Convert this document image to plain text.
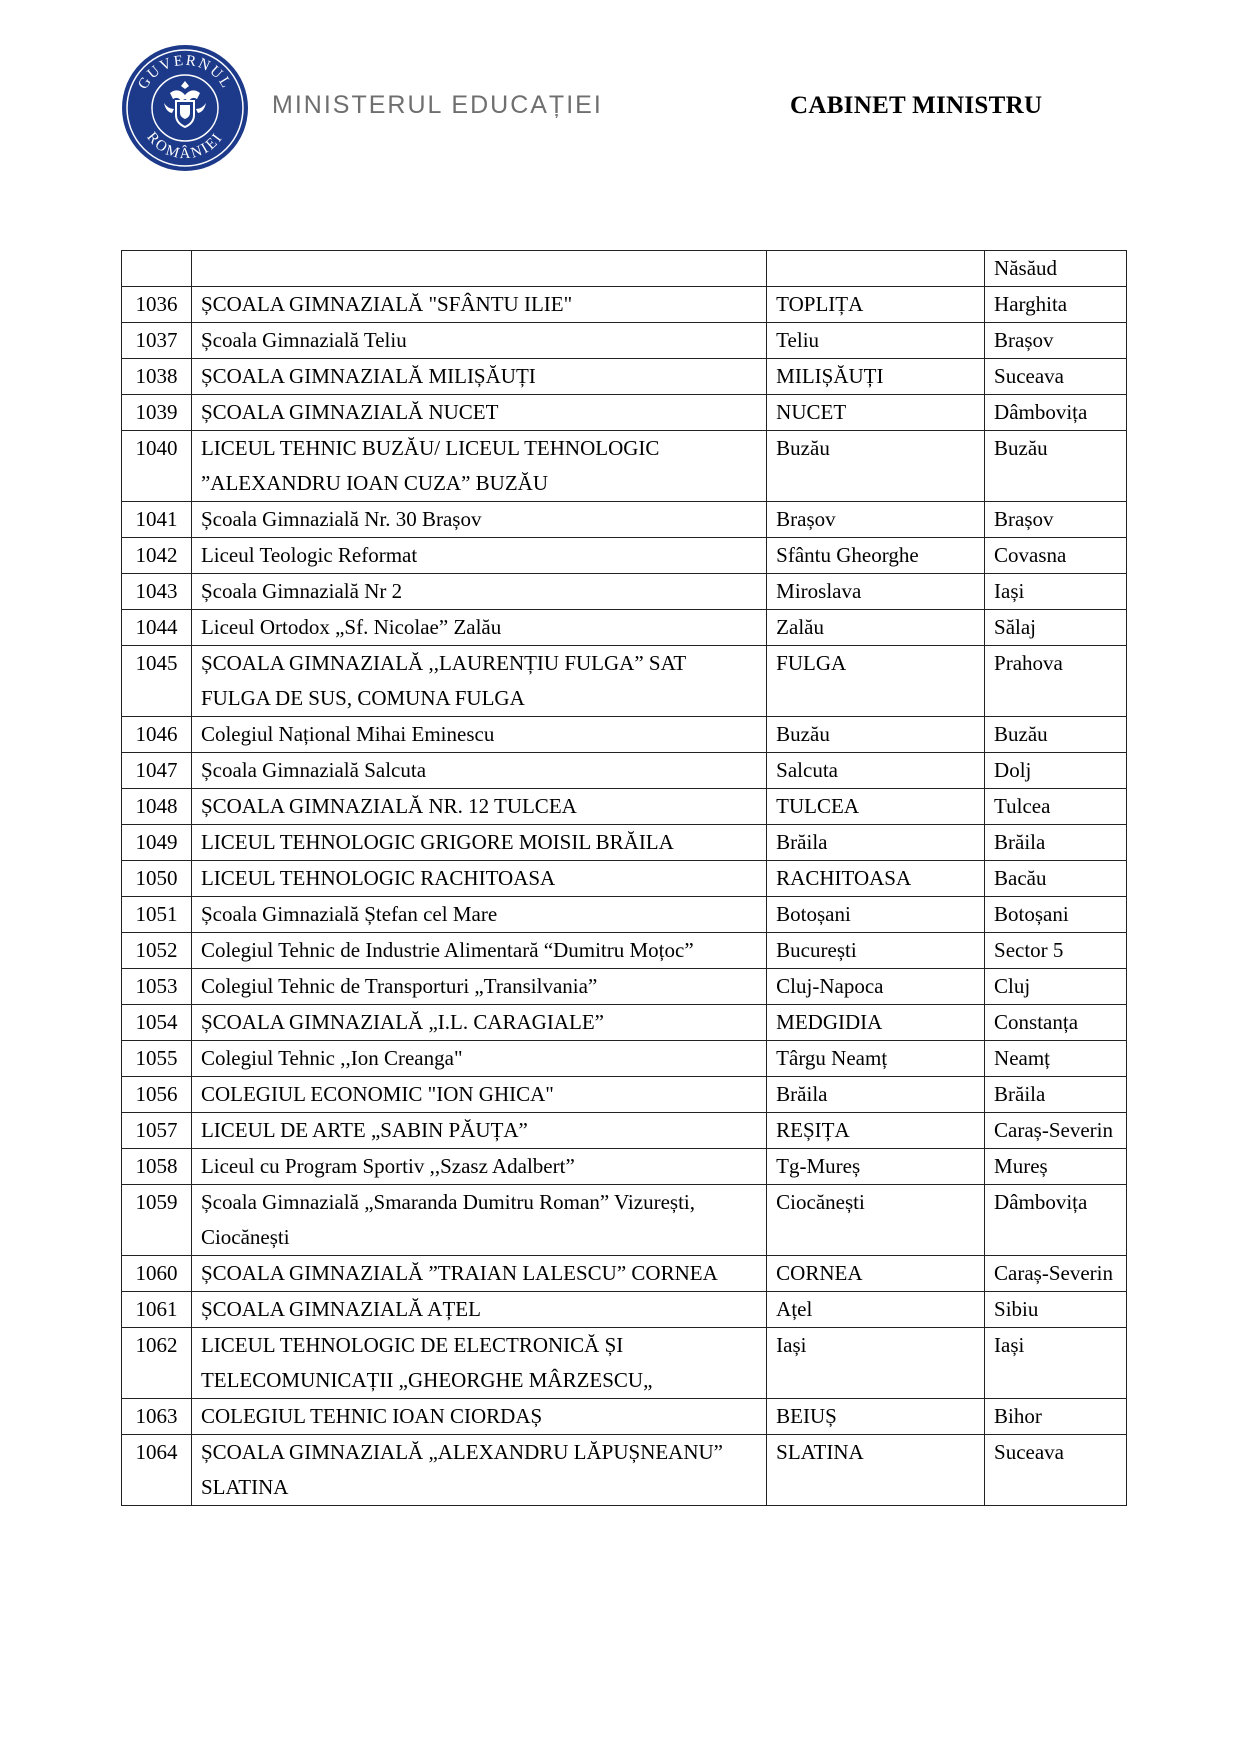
GUVERNUL
ROMÂNIEI
MINISTERUL EDUCAȚIEI	CABINET MINISTRU
			Năsăud
1036	ȘCOALA GIMNAZIALĂ "SFÂNTU ILIE"	TOPLIȚA	Harghita
1037	Școala Gimnazială Teliu	Teliu	Brașov
1038	ȘCOALA GIMNAZIALĂ MILIȘĂUȚI	MILIȘĂUȚI	Suceava
1039	ȘCOALA GIMNAZIALĂ NUCET	NUCET	Dâmbovița
1040	LICEUL TEHNIC BUZĂU/ LICEUL TEHNOLOGIC ”ALEXANDRU IOAN CUZA” BUZĂU	Buzău	Buzău
1041	Școala Gimnazială Nr. 30 Brașov	Brașov	Brașov
1042	Liceul Teologic Reformat	Sfântu Gheorghe	Covasna
1043	Școala Gimnazială Nr 2	Miroslava	Iași
1044	Liceul Ortodox „Sf. Nicolae” Zalău	Zalău	Sălaj
1045	ȘCOALA GIMNAZIALĂ ,,LAURENȚIU FULGA” SAT FULGA DE SUS, COMUNA FULGA	FULGA	Prahova
1046	Colegiul Național Mihai Eminescu	Buzău	Buzău
1047	Școala Gimnazială Salcuta	Salcuta	Dolj
1048	ȘCOALA GIMNAZIALĂ NR. 12 TULCEA	TULCEA	Tulcea
1049	LICEUL TEHNOLOGIC GRIGORE MOISIL BRĂILA	Brăila	Brăila
1050	LICEUL TEHNOLOGIC RACHITOASA	RACHITOASA	Bacău
1051	Școala Gimnazială Ștefan cel Mare	Botoșani	Botoșani
1052	Colegiul Tehnic de Industrie Alimentară “Dumitru Moțoc”	București	Sector 5
1053	Colegiul Tehnic de Transporturi „Transilvania”	Cluj-Napoca	Cluj
1054	ȘCOALA GIMNAZIALĂ „I.L. CARAGIALE”	MEDGIDIA	Constanța
1055	Colegiul Tehnic ,,Ion Creanga"	Târgu Neamț	Neamț
1056	COLEGIUL ECONOMIC "ION GHICA"	Brăila	Brăila
1057	LICEUL DE ARTE „SABIN PĂUȚA”	REȘIȚA	Caraș-Severin
1058	Liceul cu Program Sportiv ,,Szasz Adalbert”	Tg-Mureș	Mureș
1059	Școala Gimnazială „Smaranda Dumitru Roman” Vizurești, Ciocănești	Ciocănești	Dâmbovița
1060	ȘCOALA GIMNAZIALĂ ”TRAIAN LALESCU” CORNEA	CORNEA	Caraș-Severin
1061	ȘCOALA GIMNAZIALĂ AȚEL	Ațel	Sibiu
1062	LICEUL TEHNOLOGIC DE ELECTRONICĂ ȘI TELECOMUNICAȚII „GHEORGHE MÂRZESCU„	Iași	Iași
1063	COLEGIUL TEHNIC IOAN CIORDAȘ	BEIUȘ	Bihor
1064	ȘCOALA GIMNAZIALĂ „ALEXANDRU LĂPUȘNEANU” SLATINA	SLATINA	Suceava
